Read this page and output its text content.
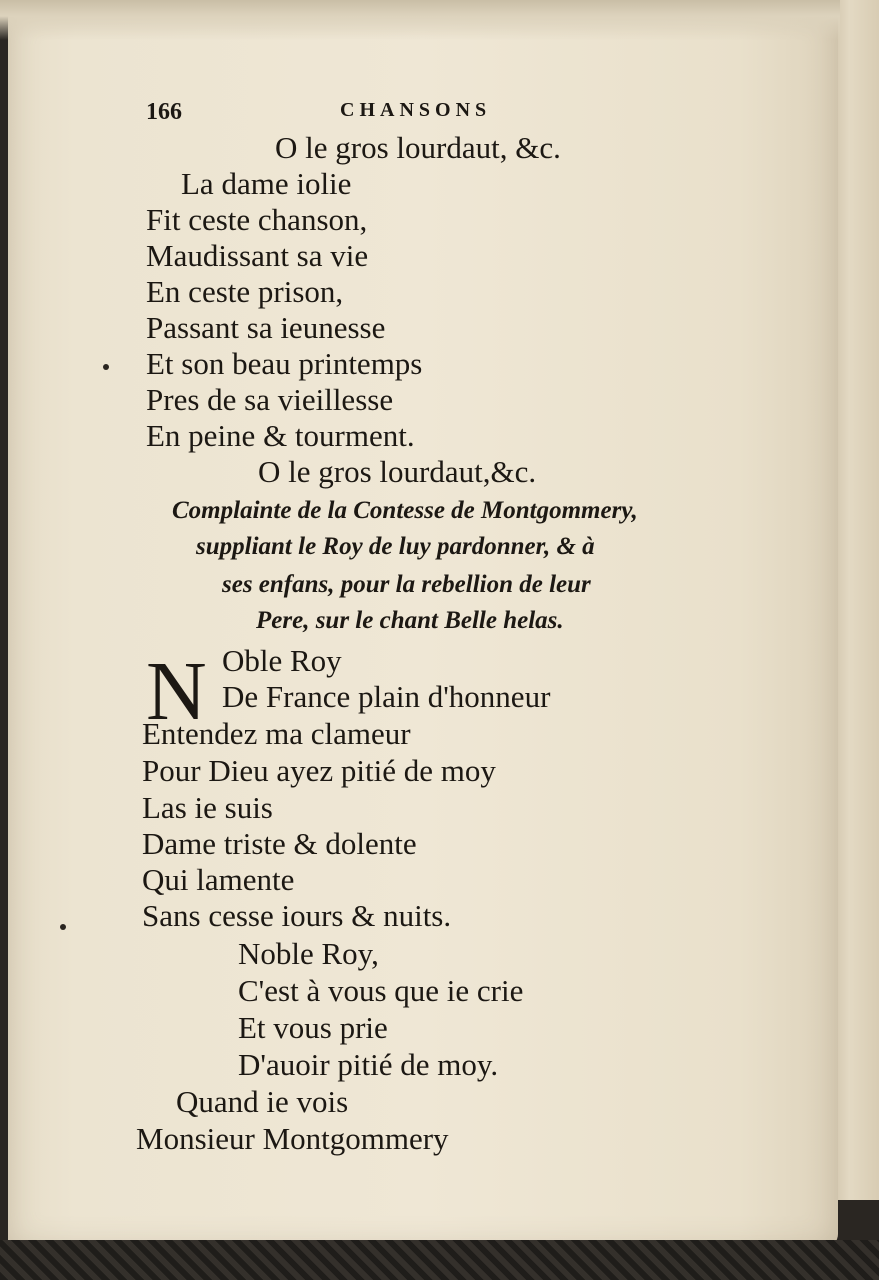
166	CHANSONS
O le gros lourdaut, &c.
La dame iolie
Fit ceste chanson,
Maudissant sa vie
En ceste prison,
Passant sa ieunesse
Et son beau printemps
Pres de sa vieillesse
En peine & tourment.
O le gros lourdaut,&c.
Complainte de la Contesse de Montgommery,
suppliant le Roy de luy pardonner, & à
ses enfans, pour la rebellion de leur
Pere, sur le chant Belle helas.
N Oble Roy
De France plain d'honneur
Entendez ma clameur
Pour Dieu ayez pitié de moy
Las ie suis
Dame triste & dolente
Qui lamente
Sans cesse iours & nuits.
Noble Roy,
C'est à vous que ie crie
Et vous prie
D'auoir pitié de moy.
Quand ie vois
Monsieur Montgommery
